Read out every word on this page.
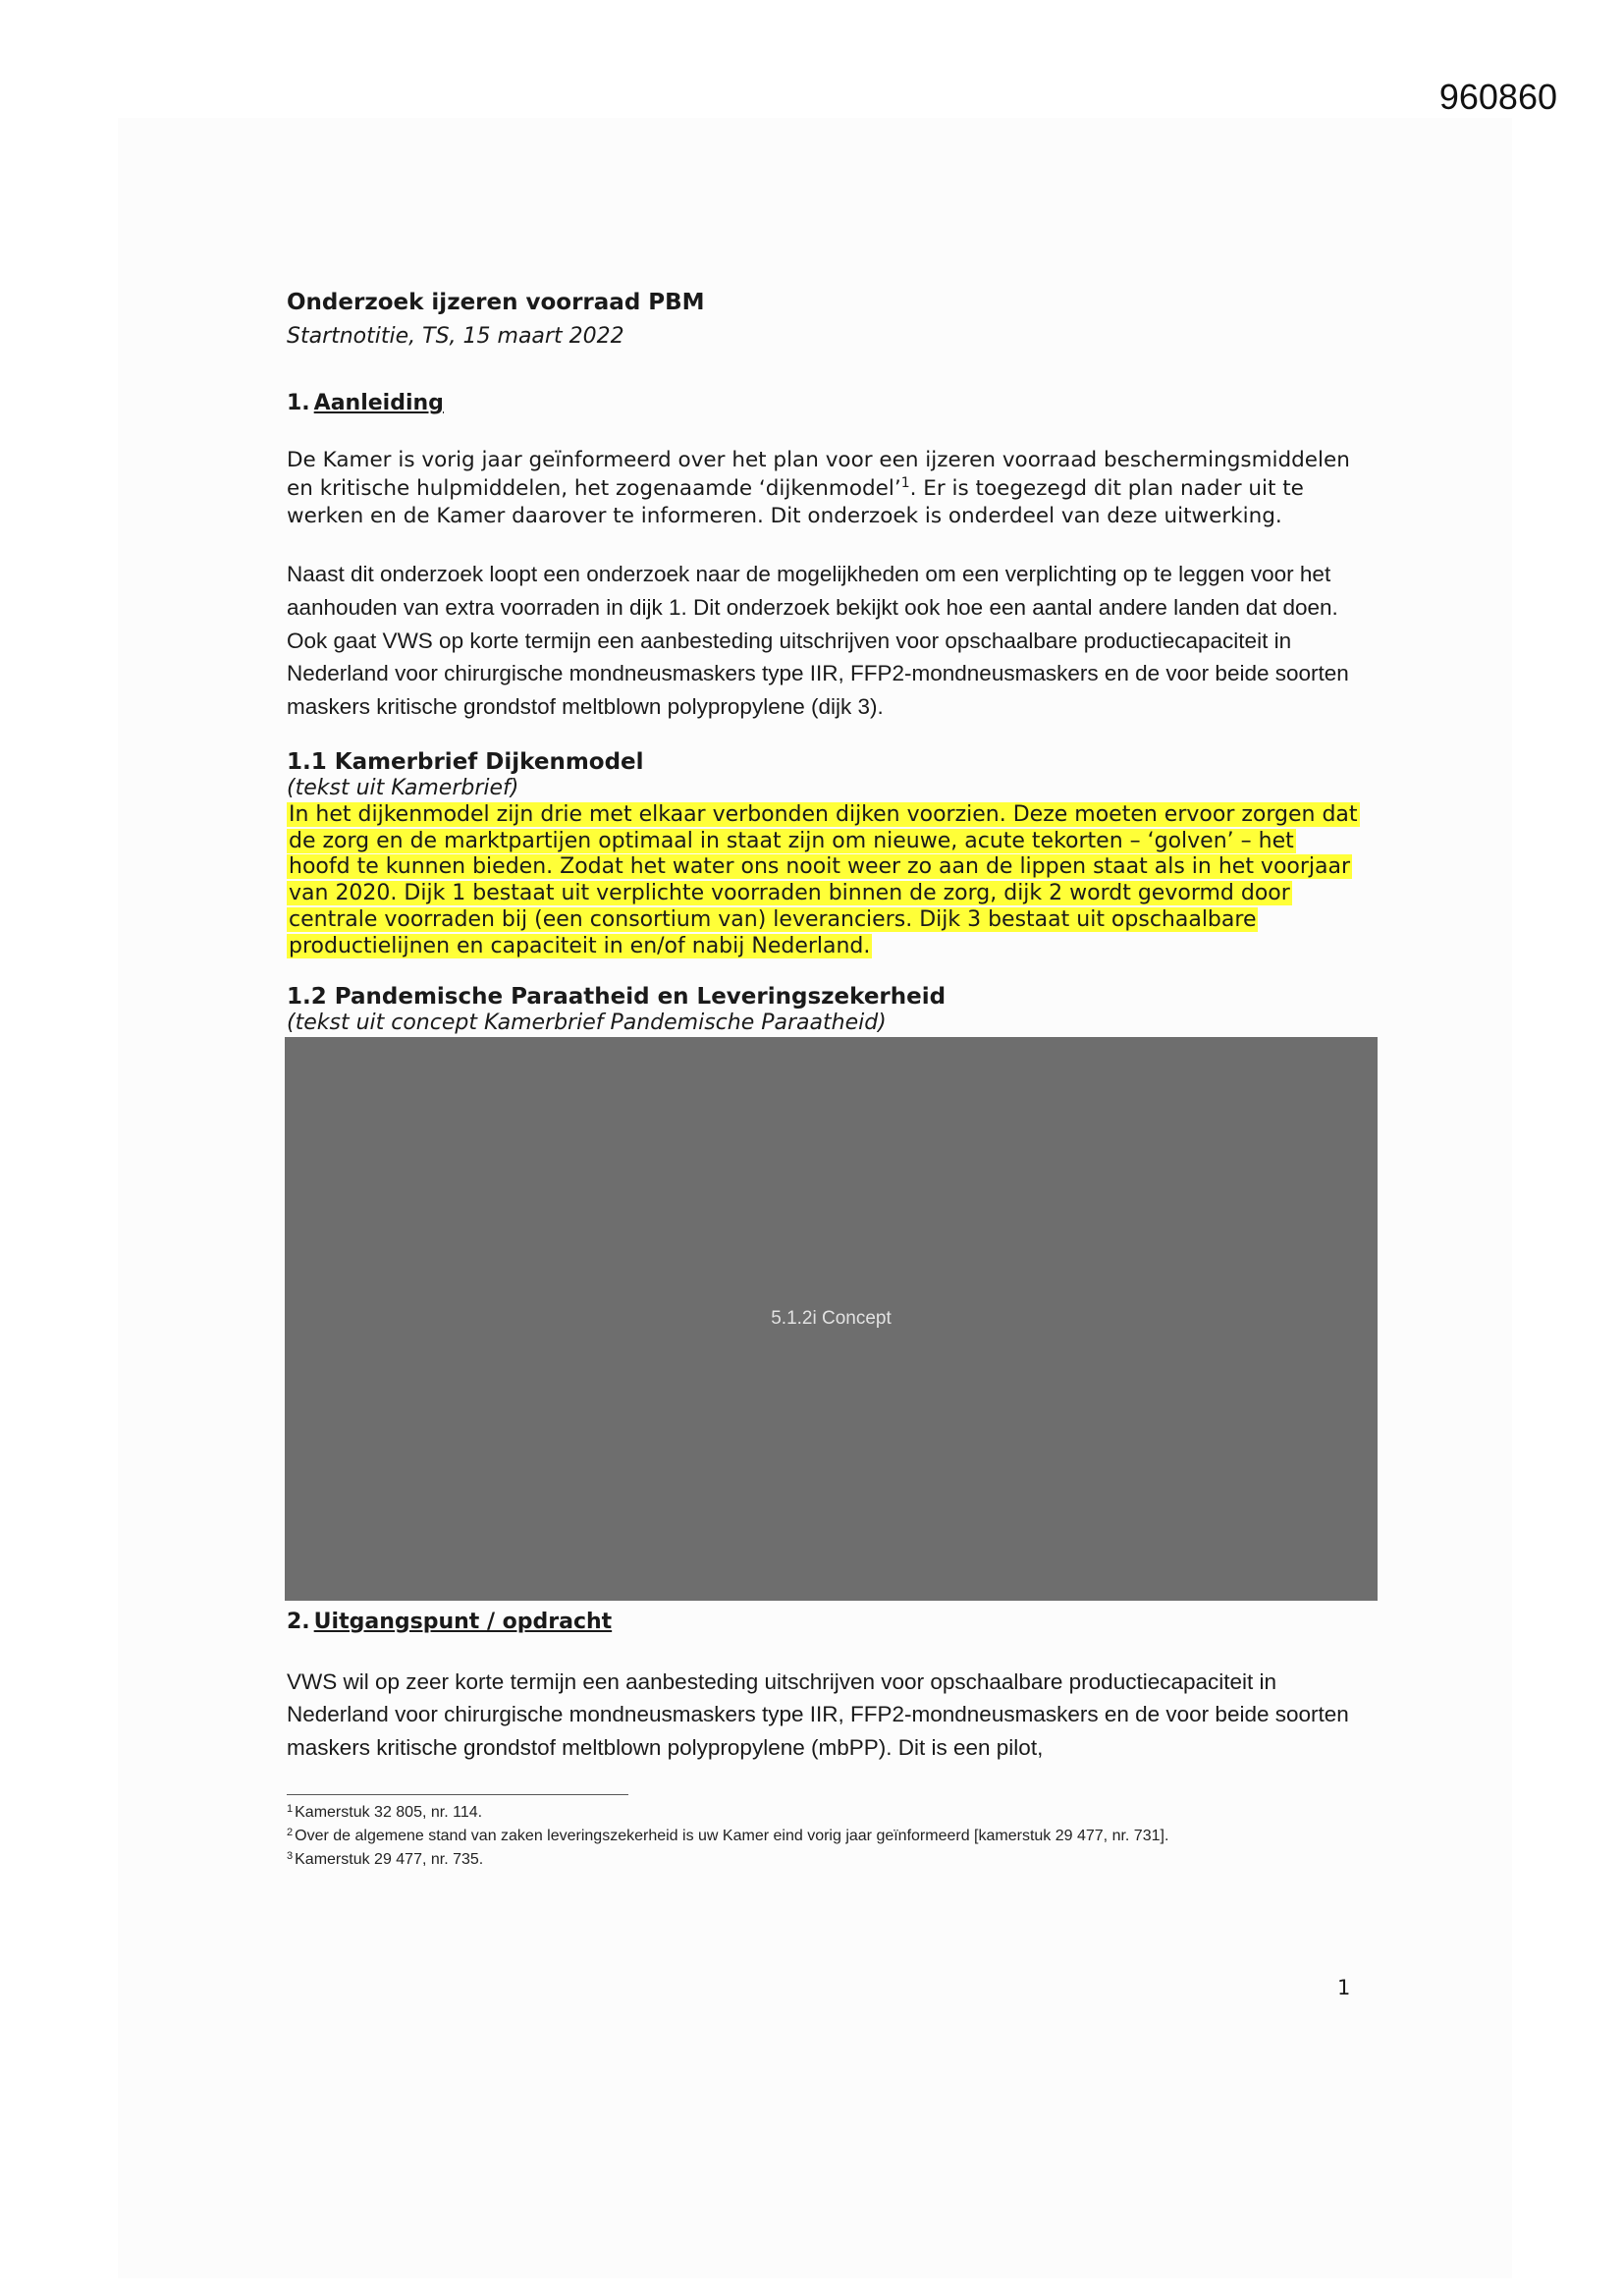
960860

Onderzoek ijzeren voorraad PBM

Startnotitie, TS, 15 maart 2022

1. Aanleiding

De Kamer is vorig jaar geïnformeerd over het plan voor een ijzeren voorraad beschermingsmiddelen en kritische hulpmiddelen, het zogenaamde ‘dijkenmodel’$^1$. Er is toegezegd dit plan nader uit te werken en de Kamer daarover te informeren. Dit onderzoek is onderdeel van deze uitwerking.

Naast dit onderzoek loopt een onderzoek naar de mogelijkheden om een verplichting op te leggen voor het aanhouden van extra voorraden in dijk 1. Dit onderzoek bekijkt ook hoe een aantal andere landen dat doen. Ook gaat VWS op korte termijn een aanbesteding uitschrijven voor opschaalbare productiecapaciteit in Nederland voor chirurgische mondneusmaskers type IIR, FFP2-mondneusmaskers en de voor beide soorten maskers kritische grondstof meltblown polypropylene (dijk 3).

1.1 Kamerbrief Dijkenmodel

(tekst uit Kamerbrief)

In het dijkenmodel zijn drie met elkaar verbonden dijken voorzien. Deze moeten ervoor zorgen dat
de zorg en de marktpartijen optimaal in staat zijn om nieuwe, acute tekorten – ‘golven’ – het
hoofd te kunnen bieden. Zodat het water ons nooit weer zo aan de lippen staat als in het voorjaar
van 2020. Dijk 1 bestaat uit verplichte voorraden binnen de zorg, dijk 2 wordt gevormd door
centrale voorraden bij (een consortium van) leveranciers. Dijk 3 bestaat uit opschaalbare
productielijnen en capaciteit in en/of nabij Nederland.

1.2 Pandemische Paraatheid en Leveringszekerheid

(tekst uit concept Kamerbrief Pandemische Paraatheid)

5.1.2i Concept

2. Uitgangspunt / opdracht

VWS wil op zeer korte termijn een aanbesteding uitschrijven voor opschaalbare productiecapaciteit in Nederland voor chirurgische mondneusmaskers type IIR, FFP2-mondneusmaskers en de voor beide soorten maskers kritische grondstof meltblown polypropylene (mbPP). Dit is een pilot,

$^1$ Kamerstuk 32 805, nr. 114.
$^2$ Over de algemene stand van zaken leveringszekerheid is uw Kamer eind vorig jaar geïnformeerd [kamerstuk 29 477, nr. 731].
$^3$ Kamerstuk 29 477, nr. 735.
1
